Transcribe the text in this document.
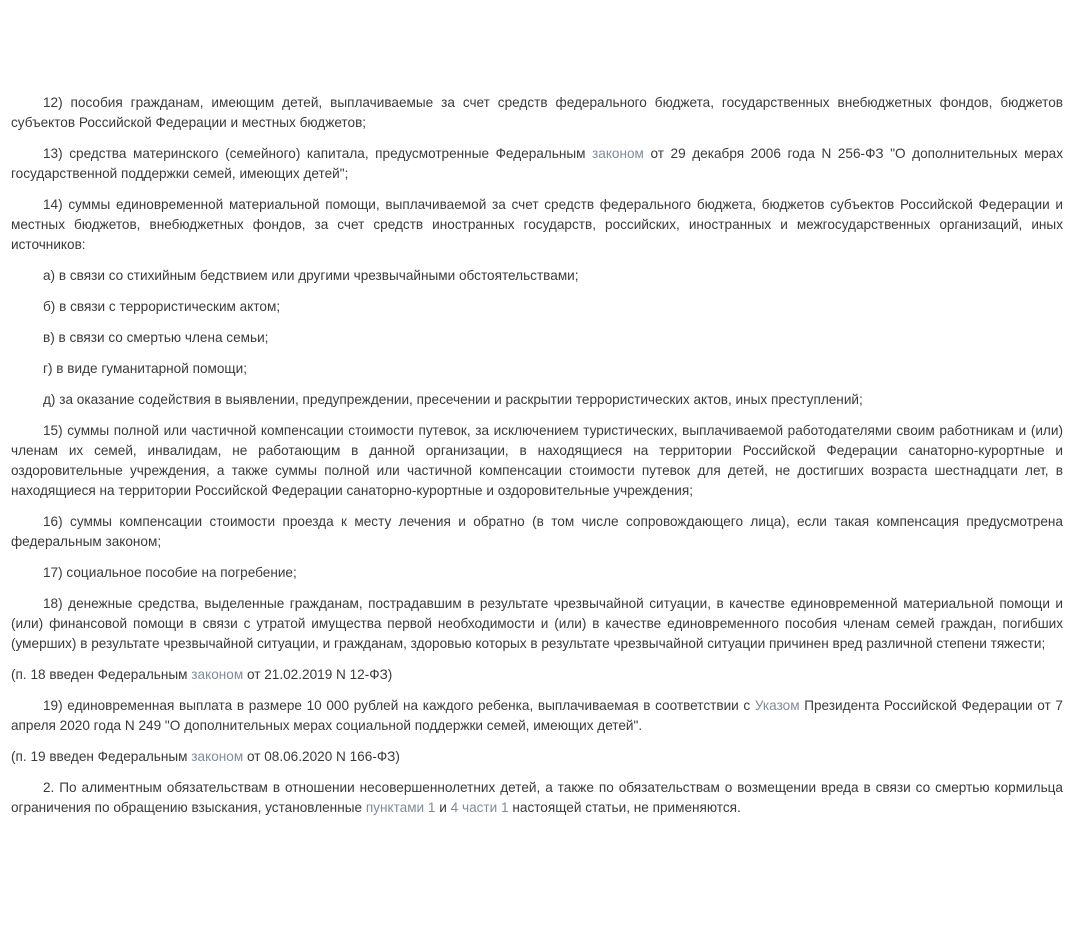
12) пособия гражданам, имеющим детей, выплачиваемые за счет средств федерального бюджета, государственных внебюджетных фондов, бюджетов субъектов Российской Федерации и местных бюджетов;

13) средства материнского (семейного) капитала, предусмотренные Федеральным законом от 29 декабря 2006 года N 256-ФЗ "О дополнительных мерах государственной поддержки семей, имеющих детей";

14) суммы единовременной материальной помощи, выплачиваемой за счет средств федерального бюджета, бюджетов субъектов Российской Федерации и местных бюджетов, внебюджетных фондов, за счет средств иностранных государств, российских, иностранных и межгосударственных организаций, иных источников:

а) в связи со стихийным бедствием или другими чрезвычайными обстоятельствами;

б) в связи с террористическим актом;

в) в связи со смертью члена семьи;

г) в виде гуманитарной помощи;

д) за оказание содействия в выявлении, предупреждении, пресечении и раскрытии террористических актов, иных преступлений;

15) суммы полной или частичной компенсации стоимости путевок, за исключением туристических, выплачиваемой работодателями своим работникам и (или) членам их семей, инвалидам, не работающим в данной организации, в находящиеся на территории Российской Федерации санаторно-курортные и оздоровительные учреждения, а также суммы полной или частичной компенсации стоимости путевок для детей, не достигших возраста шестнадцати лет, в находящиеся на территории Российской Федерации санаторно-курортные и оздоровительные учреждения;

16) суммы компенсации стоимости проезда к месту лечения и обратно (в том числе сопровождающего лица), если такая компенсация предусмотрена федеральным законом;

17) социальное пособие на погребение;

18) денежные средства, выделенные гражданам, пострадавшим в результате чрезвычайной ситуации, в качестве единовременной материальной помощи и (или) финансовой помощи в связи с утратой имущества первой необходимости и (или) в качестве единовременного пособия членам семей граждан, погибших (умерших) в результате чрезвычайной ситуации, и гражданам, здоровью которых в результате чрезвычайной ситуации причинен вред различной степени тяжести;

(п. 18 введен Федеральным законом от 21.02.2019 N 12-ФЗ)

19) единовременная выплата в размере 10 000 рублей на каждого ребенка, выплачиваемая в соответствии с Указом Президента Российской Федерации от 7 апреля 2020 года N 249 "О дополнительных мерах социальной поддержки семей, имеющих детей".

(п. 19 введен Федеральным законом от 08.06.2020 N 166-ФЗ)

2. По алиментным обязательствам в отношении несовершеннолетних детей, а также по обязательствам о возмещении вреда в связи со смертью кормильца ограничения по обращению взыскания, установленные пунктами 1 и 4 части 1 настоящей статьи, не применяются.
